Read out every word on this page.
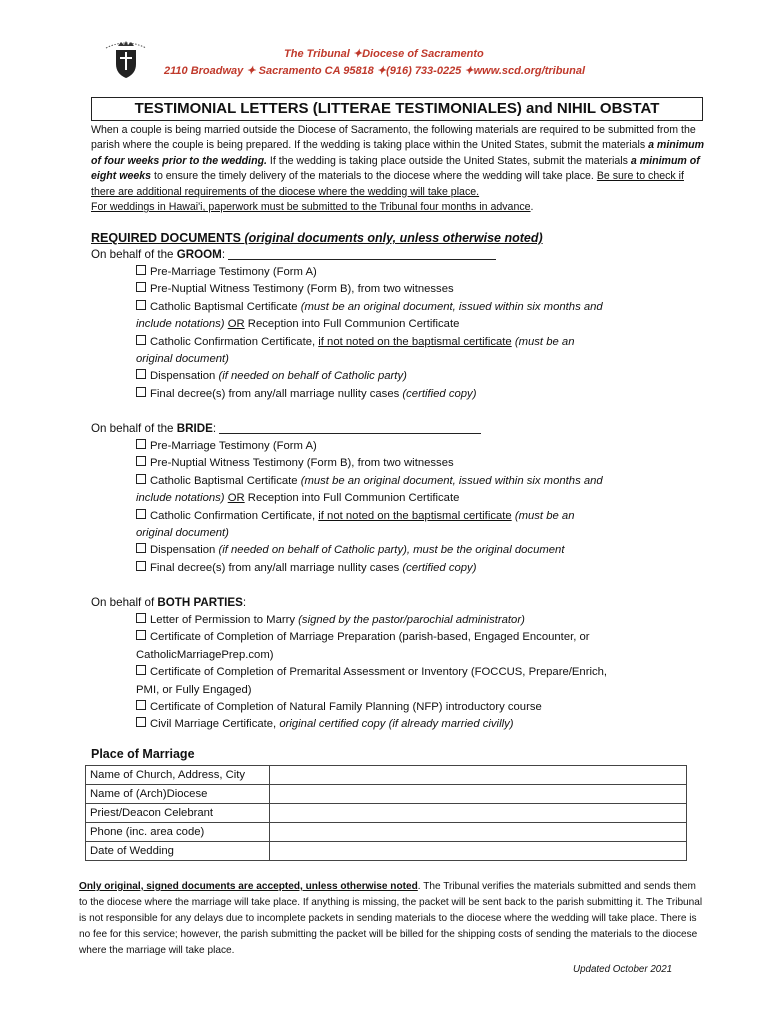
The Tribunal ✦Diocese of Sacramento
2110 Broadway ✦ Sacramento CA 95818 ✦(916) 733-0225 ✦www.scd.org/tribunal
TESTIMONIAL LETTERS (LITTERAE TESTIMONIALES) and NIHIL OBSTAT

When a couple is being married outside the Diocese of Sacramento, the following materials are required to be submitted from the parish where the couple is being prepared. If the wedding is taking place within the United States, submit the materials a minimum of four weeks prior to the wedding. If the wedding is taking place outside the United States, submit the materials a minimum of eight weeks to ensure the timely delivery of the materials to the diocese where the wedding will take place. Be sure to check if there are additional requirements of the diocese where the wedding will take place.
For weddings in Hawai'i, paperwork must be submitted to the Tribunal four months in advance.

REQUIRED DOCUMENTS (original documents only, unless otherwise noted)
On behalf of the GROOM:
Pre-Marriage Testimony (Form A)
Pre-Nuptial Witness Testimony (Form B), from two witnesses
Catholic Baptismal Certificate (must be an original document, issued within six months and
include notations) OR Reception into Full Communion Certificate
Catholic Confirmation Certificate, if not noted on the baptismal certificate (must be an
original document)
Dispensation (if needed on behalf of Catholic party)
Final decree(s) from any/all marriage nullity cases (certified copy)
On behalf of the BRIDE:
Pre-Marriage Testimony (Form A)
Pre-Nuptial Witness Testimony (Form B), from two witnesses
Catholic Baptismal Certificate (must be an original document, issued within six months and
include notations) OR Reception into Full Communion Certificate
Catholic Confirmation Certificate, if not noted on the baptismal certificate (must be an
original document)
Dispensation (if needed on behalf of Catholic party), must be the original document
Final decree(s) from any/all marriage nullity cases (certified copy)
On behalf of BOTH PARTIES:
Letter of Permission to Marry (signed by the pastor/parochial administrator)
Certificate of Completion of Marriage Preparation (parish-based, Engaged Encounter, or
CatholicMarriagePrep.com)
Certificate of Completion of Premarital Assessment or Inventory (FOCCUS, Prepare/Enrich,
PMI, or Fully Engaged)
Certificate of Completion of Natural Family Planning (NFP) introductory course
Civil Marriage Certificate, original certified copy (if already married civilly)
Place of Marriage
Name of Church, Address, City	
Name of (Arch)Diocese	
Priest/Deacon Celebrant	
Phone (inc. area code)	
Date of Wedding	
Only original, signed documents are accepted, unless otherwise noted. The Tribunal verifies the materials submitted and sends them to the diocese where the marriage will take place. If anything is missing, the packet will be sent back to the parish submitting it. The Tribunal is not responsible for any delays due to incomplete packets in sending materials to the diocese where the wedding will take place. There is no fee for this service; however, the parish submitting the packet will be billed for the shipping costs of sending the materials to the diocese where the marriage will take place.
Updated October 2021
